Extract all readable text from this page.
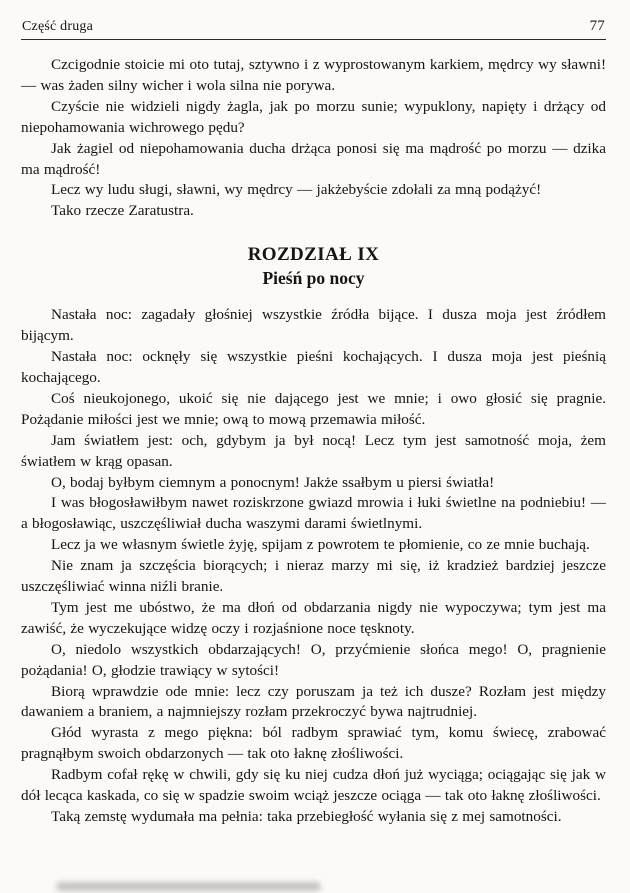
Część druga	77

Czcigodnie stoicie mi oto tutaj, sztywno i z wyprostowanym karkiem, mędrcy wy sławni! — was żaden silny wicher i wola silna nie porywa.

Czyście nie widzieli nigdy żagla, jak po morzu sunie; wypuklony, napięty i drżący od niepohamowania wichrowego pędu?

Jak żagiel od niepohamowania ducha drżąca ponosi się ma mądrość po morzu — dzika ma mądrość!

Lecz wy ludu sługi, sławni, wy mędrcy — jakżebyście zdołali za mną podążyć!

Tako rzecze Zaratustra.

ROZDZIAŁ IX
Pieśń po nocy

Nastała noc: zagadały głośniej wszystkie źródła bijące. I dusza moja jest źródłem bijącym.

Nastała noc: ocknęły się wszystkie pieśni kochających. I dusza moja jest pieśnią kochającego.

Coś nieukojonego, ukoić się nie dającego jest we mnie; i owo głosić się pragnie. Pożądanie miłości jest we mnie; ową to mową przemawia miłość.

Jam światłem jest: och, gdybym ja był nocą! Lecz tym jest samotność moja, żem światłem w krąg opasan.

O, bodaj byłbym ciemnym a ponocnym! Jakże ssałbym u piersi światła!

I was błogosławiłbym nawet roziskrzone gwiazd mrowia i łuki świetlne na podniebiu! — a błogosławiąc, uszczęśliwiał ducha waszymi darami świetlnymi.

Lecz ja we własnym świetle żyję, spijam z powrotem te płomienie, co ze mnie buchają.

Nie znam ja szczęścia biorących; i nieraz marzy mi się, iż kradzież bardziej jeszcze uszczęśliwiać winna niźli branie.

Tym jest me ubóstwo, że ma dłoń od obdarzania nigdy nie wypoczywa; tym jest ma zawiść, że wyczekujące widzę oczy i rozjaśnione noce tęsknoty.

O, niedolo wszystkich obdarzających! O, przyćmienie słońca mego! O, pragnienie pożądania! O, głodzie trawiący w sytości!

Biorą wprawdzie ode mnie: lecz czy poruszam ja też ich dusze? Rozłam jest między dawaniem a braniem, a najmniejszy rozłam przekroczyć bywa najtrudniej.

Głód wyrasta z mego piękna: ból radbym sprawiać tym, komu świecę, zrabować pragnąłbym swoich obdarzonych — tak oto łaknę złośliwości.

Radbym cofał rękę w chwili, gdy się ku niej cudza dłoń już wyciąga; ociągając się jak w dół lecąca kaskada, co się w spadzie swoim wciąż jeszcze ociąga — tak oto łaknę złośliwości.

Taką zemstę wydumała ma pełnia: taka przebiegłość wyłania się z mej samotności.
